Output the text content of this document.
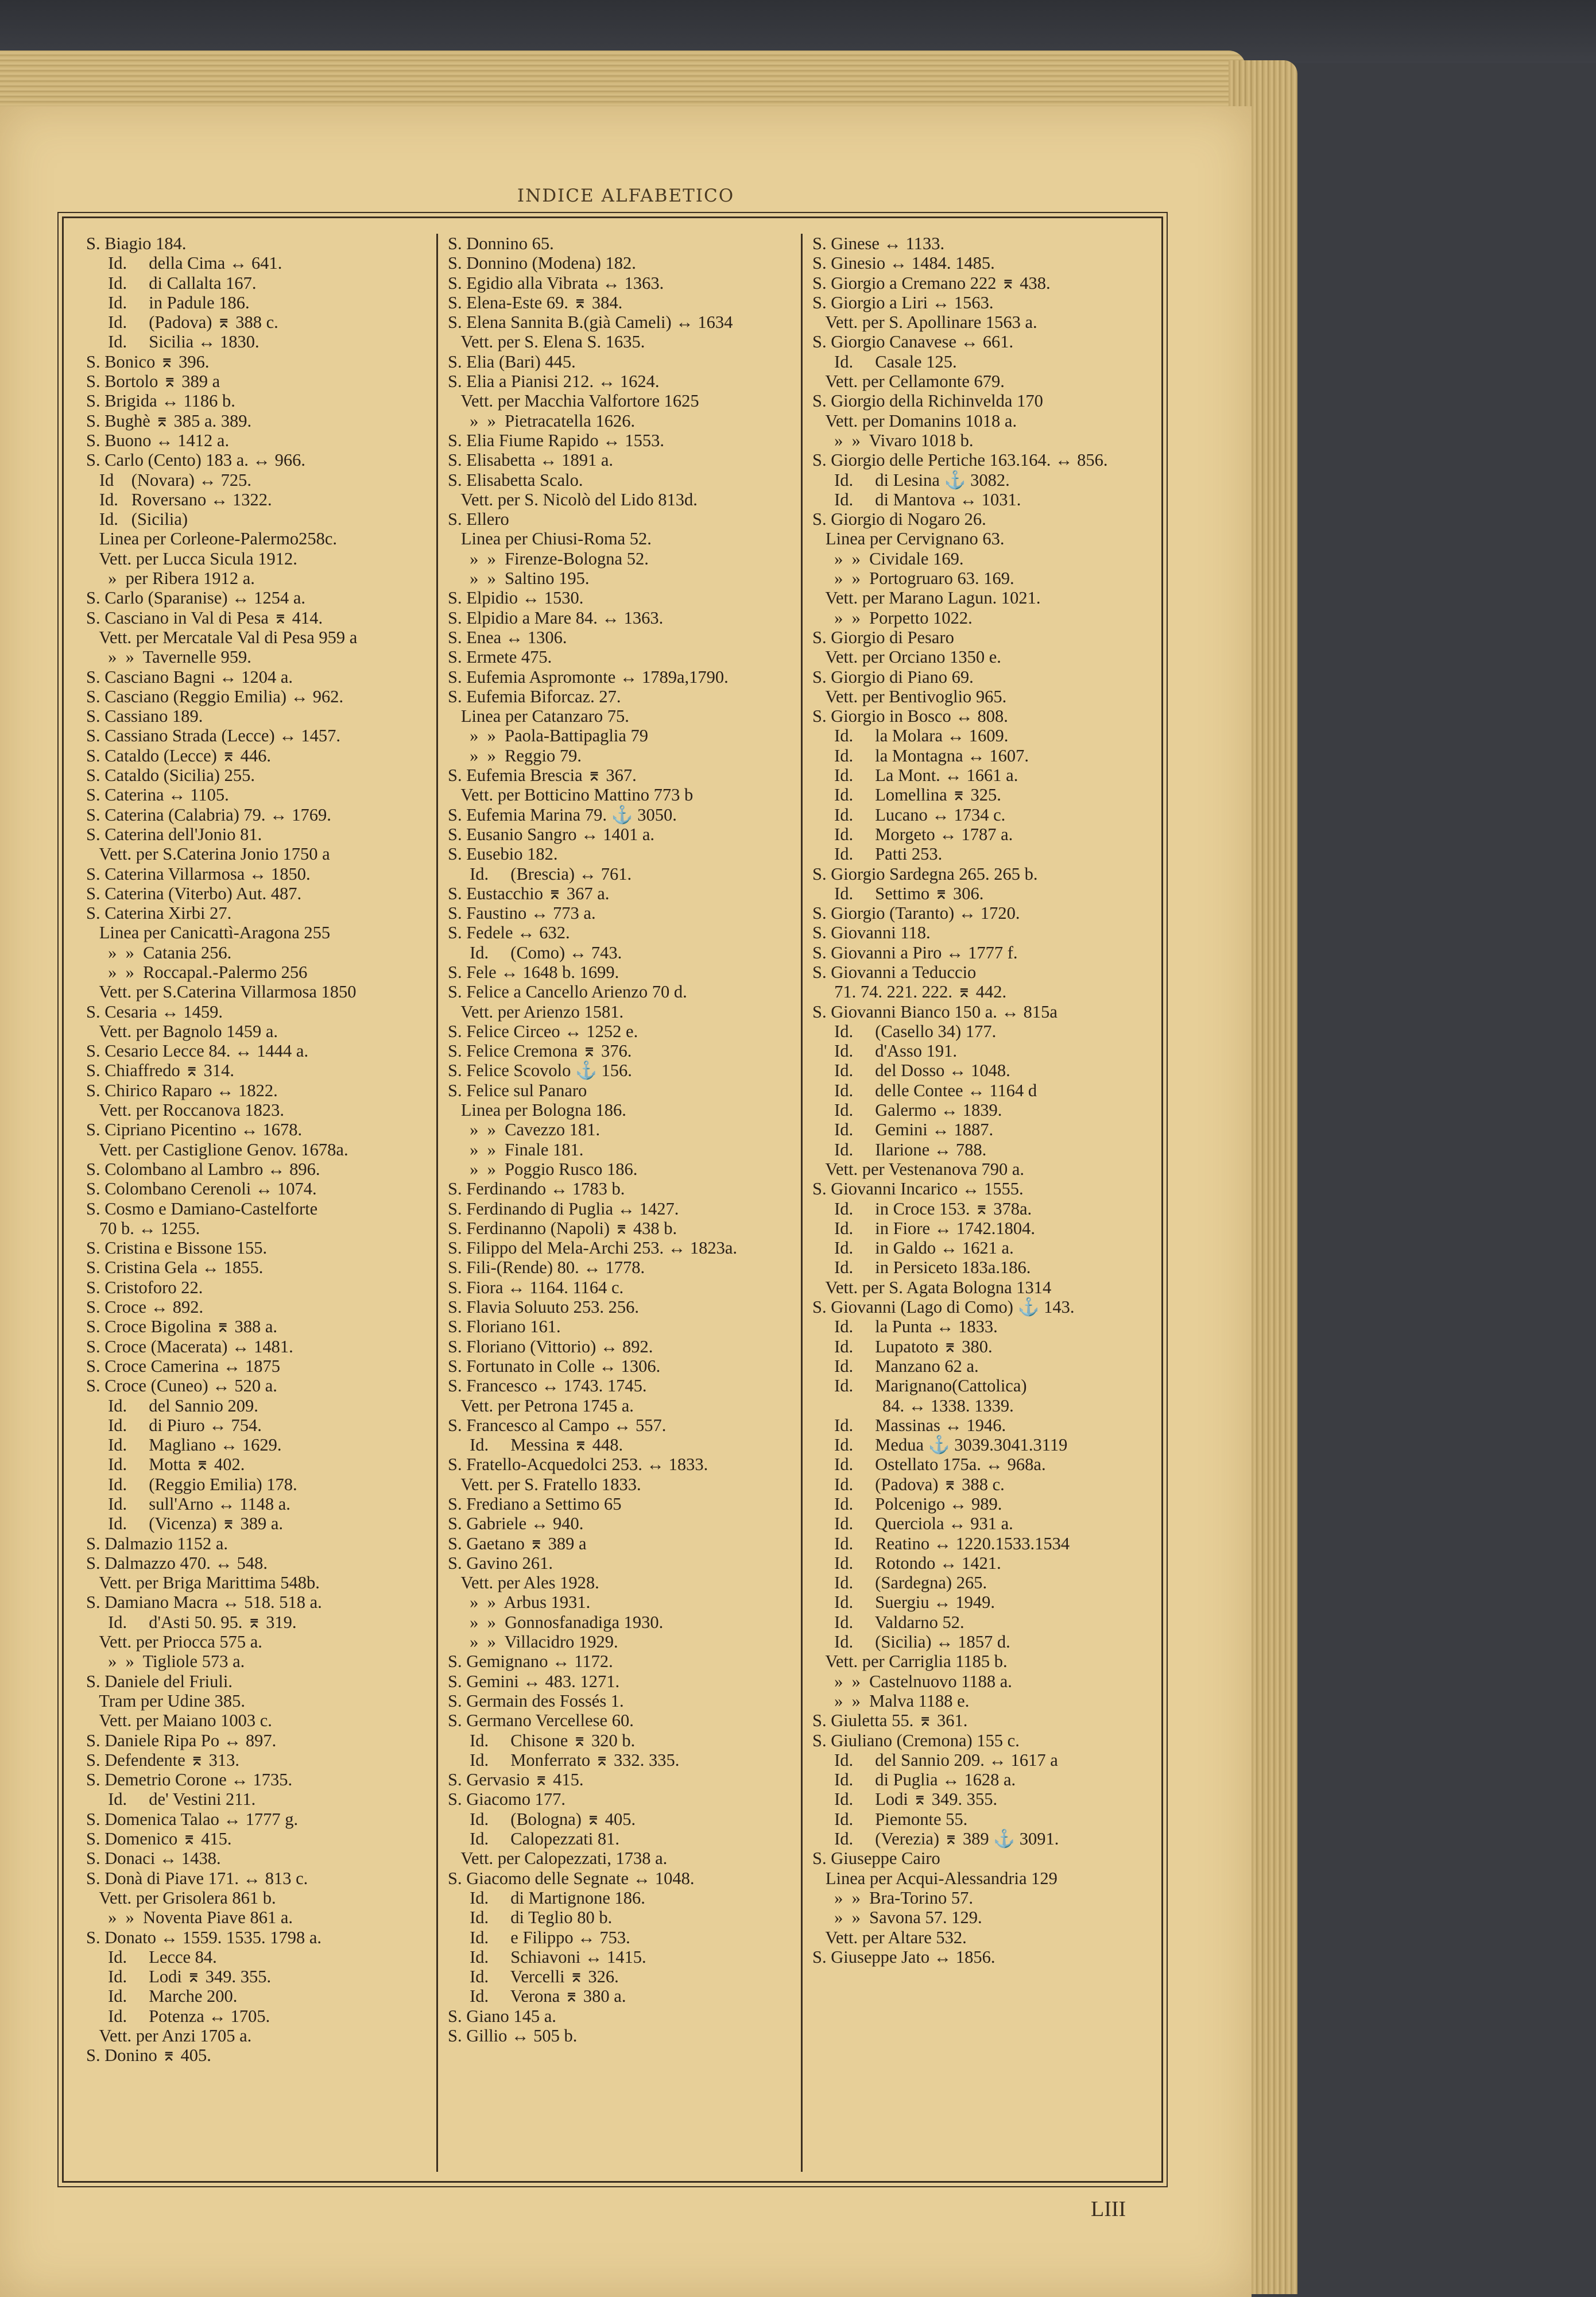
INDICE ALFABETICO
S. Biagio 184.
Id.     della Cima ↔ 641.
Id.     di Callalta 167.
Id.     in Padule 186.
Id.     (Padova) ⌆ 388 c.
Id.     Sicilia ↔ 1830.
S. Bonico ⌆ 396.
S. Bortolo ⌆ 389 a
S. Brigida ↔ 1186 b.
S. Bughè ⌆ 385 a. 389.
S. Buono ↔ 1412 a.
S. Carlo (Cento) 183 a. ↔ 966.
Id    (Novara) ↔ 725.
Id.   Roversano ↔ 1322.
Id.   (Sicilia)
Linea per Corleone-Palermo258c.
Vett. per Lucca Sicula 1912.
»  per Ribera 1912 a.
S. Carlo (Sparanise) ↔ 1254 a.
S. Casciano in Val di Pesa ⌆ 414.
Vett. per Mercatale Val di Pesa 959 a
»  »  Tavernelle 959.
S. Casciano Bagni ↔ 1204 a.
S. Casciano (Reggio Emilia) ↔ 962.
S. Cassiano 189.
S. Cassiano Strada (Lecce) ↔ 1457.
S. Cataldo (Lecce) ⌆ 446.
S. Cataldo (Sicilia) 255.
S. Caterina ↔ 1105.
S. Caterina (Calabria) 79. ↔ 1769.
S. Caterina dell'Jonio 81.
Vett. per S.Caterina Jonio 1750 a
S. Caterina Villarmosa ↔ 1850.
S. Caterina (Viterbo) Aut. 487.
S. Caterina Xirbi 27.
Linea per Canicattì-Aragona 255
»  »  Catania 256.
»  »  Roccapal.-Palermo 256
Vett. per S.Caterina Villarmosa 1850
S. Cesaria ↔ 1459.
Vett. per Bagnolo 1459 a.
S. Cesario Lecce 84. ↔ 1444 a.
S. Chiaffredo ⌆ 314.
S. Chirico Raparo ↔ 1822.
Vett. per Roccanova 1823.
S. Cipriano Picentino ↔ 1678.
Vett. per Castiglione Genov. 1678a.
S. Colombano al Lambro ↔ 896.
S. Colombano Cerenoli ↔ 1074.
S. Cosmo e Damiano-Castelforte
70 b. ↔ 1255.
S. Cristina e Bissone 155.
S. Cristina Gela ↔ 1855.
S. Cristoforo 22.
S. Croce ↔ 892.
S. Croce Bigolina ⌆ 388 a.
S. Croce (Macerata) ↔ 1481.
S. Croce Camerina ↔ 1875
S. Croce (Cuneo) ↔ 520 a.
Id.     del Sannio 209.
Id.     di Piuro ↔ 754.
Id.     Magliano ↔ 1629.
Id.     Motta ⌆ 402.
Id.     (Reggio Emilia) 178.
Id.     sull'Arno ↔ 1148 a.
Id.     (Vicenza) ⌆ 389 a.
S. Dalmazio 1152 a.
S. Dalmazzo 470. ↔ 548.
Vett. per Briga Marittima 548b.
S. Damiano Macra ↔ 518. 518 a.
Id.     d'Asti 50. 95. ⌆ 319.
Vett. per Priocca 575 a.
»  »  Tigliole 573 a.
S. Daniele del Friuli.
Tram per Udine 385.
Vett. per Maiano 1003 c.
S. Daniele Ripa Po ↔ 897.
S. Defendente ⌆ 313.
S. Demetrio Corone ↔ 1735.
Id.     de' Vestini 211.
S. Domenica Talao ↔ 1777 g.
S. Domenico ⌆ 415.
S. Donaci ↔ 1438.
S. Donà di Piave 171. ↔ 813 c.
Vett. per Grisolera 861 b.
»  »  Noventa Piave 861 a.
S. Donato ↔ 1559. 1535. 1798 a.
Id.     Lecce 84.
Id.     Lodi ⌆ 349. 355.
Id.     Marche 200.
Id.     Potenza ↔ 1705.
Vett. per Anzi 1705 a.
S. Donino ⌆ 405.
S. Donnino 65.
S. Donnino (Modena) 182.
S. Egidio alla Vibrata ↔ 1363.
S. Elena-Este 69. ⌆ 384.
S. Elena Sannita B.(già Cameli) ↔ 1634
Vett. per S. Elena S. 1635.
S. Elia (Bari) 445.
S. Elia a Pianisi 212. ↔ 1624.
Vett. per Macchia Valfortore 1625
»  »  Pietracatella 1626.
S. Elia Fiume Rapido ↔ 1553.
S. Elisabetta ↔ 1891 a.
S. Elisabetta Scalo.
Vett. per S. Nicolò del Lido 813d.
S. Ellero
Linea per Chiusi-Roma 52.
»  »  Firenze-Bologna 52.
»  »  Saltino 195.
S. Elpidio ↔ 1530.
S. Elpidio a Mare 84. ↔ 1363.
S. Enea ↔ 1306.
S. Ermete 475.
S. Eufemia Aspromonte ↔ 1789a,1790.
S. Eufemia Biforcaz. 27.
Linea per Catanzaro 75.
»  »  Paola-Battipaglia 79
»  »  Reggio 79.
S. Eufemia Brescia ⌆ 367.
Vett. per Botticino Mattino 773 b
S. Eufemia Marina 79. ⚓ 3050.
S. Eusanio Sangro ↔ 1401 a.
S. Eusebio 182.
Id.     (Brescia) ↔ 761.
S. Eustacchio ⌆ 367 a.
S. Faustino ↔ 773 a.
S. Fedele ↔ 632.
Id.     (Como) ↔ 743.
S. Fele ↔ 1648 b. 1699.
S. Felice a Cancello Arienzo 70 d.
Vett. per Arienzo 1581.
S. Felice Circeo ↔ 1252 e.
S. Felice Cremona ⌆ 376.
S. Felice Scovolo ⚓ 156.
S. Felice sul Panaro
Linea per Bologna 186.
»  »  Cavezzo 181.
»  »  Finale 181.
»  »  Poggio Rusco 186.
S. Ferdinando ↔ 1783 b.
S. Ferdinando di Puglia ↔ 1427.
S. Ferdinanno (Napoli) ⌆ 438 b.
S. Filippo del Mela-Archi 253. ↔ 1823a.
S. Fili-(Rende) 80. ↔ 1778.
S. Fiora ↔ 1164. 1164 c.
S. Flavia Soluuto 253. 256.
S. Floriano 161.
S. Floriano (Vittorio) ↔ 892.
S. Fortunato in Colle ↔ 1306.
S. Francesco ↔ 1743. 1745.
Vett. per Petrona 1745 a.
S. Francesco al Campo ↔ 557.
Id.     Messina ⌆ 448.
S. Fratello-Acquedolci 253. ↔ 1833.
Vett. per S. Fratello 1833.
S. Frediano a Settimo 65
S. Gabriele ↔ 940.
S. Gaetano ⌆ 389 a
S. Gavino 261.
Vett. per Ales 1928.
»  »  Arbus 1931.
»  »  Gonnosfanadiga 1930.
»  »  Villacidro 1929.
S. Gemignano ↔ 1172.
S. Gemini ↔ 483. 1271.
S. Germain des Fossés 1.
S. Germano Vercellese 60.
Id.     Chisone ⌆ 320 b.
Id.     Monferrato ⌆ 332. 335.
S. Gervasio ⌆ 415.
S. Giacomo 177.
Id.     (Bologna) ⌆ 405.
Id.     Calopezzati 81.
Vett. per Calopezzati, 1738 a.
S. Giacomo delle Segnate ↔ 1048.
Id.     di Martignone 186.
Id.     di Teglio 80 b.
Id.     e Filippo ↔ 753.
Id.     Schiavoni ↔ 1415.
Id.     Vercelli ⌆ 326.
Id.     Verona ⌆ 380 a.
S. Giano 145 a.
S. Gillio ↔ 505 b.
S. Ginese ↔ 1133.
S. Ginesio ↔ 1484. 1485.
S. Giorgio a Cremano 222 ⌆ 438.
S. Giorgio a Liri ↔ 1563.
Vett. per S. Apollinare 1563 a.
S. Giorgio Canavese ↔ 661.
Id.     Casale 125.
Vett. per Cellamonte 679.
S. Giorgio della Richinvelda 170
Vett. per Domanins 1018 a.
»  »  Vivaro 1018 b.
S. Giorgio delle Pertiche 163.164. ↔ 856.
Id.     di Lesina ⚓ 3082.
Id.     di Mantova ↔ 1031.
S. Giorgio di Nogaro 26.
Linea per Cervignano 63.
»  »  Cividale 169.
»  »  Portogruaro 63. 169.
Vett. per Marano Lagun. 1021.
»  »  Porpetto 1022.
S. Giorgio di Pesaro
Vett. per Orciano 1350 e.
S. Giorgio di Piano 69.
Vett. per Bentivoglio 965.
S. Giorgio in Bosco ↔ 808.
Id.     la Molara ↔ 1609.
Id.     la Montagna ↔ 1607.
Id.     La Mont. ↔ 1661 a.
Id.     Lomellina ⌆ 325.
Id.     Lucano ↔ 1734 c.
Id.     Morgeto ↔ 1787 a.
Id.     Patti 253.
S. Giorgio Sardegna 265. 265 b.
Id.     Settimo ⌆ 306.
S. Giorgio (Taranto) ↔ 1720.
S. Giovanni 118.
S. Giovanni a Piro ↔ 1777 f.
S. Giovanni a Teduccio
71. 74. 221. 222. ⌆ 442.
S. Giovanni Bianco 150 a. ↔ 815a
Id.     (Casello 34) 177.
Id.     d'Asso 191.
Id.     del Dosso ↔ 1048.
Id.     delle Contee ↔ 1164 d
Id.     Galermo ↔ 1839.
Id.     Gemini ↔ 1887.
Id.     Ilarione ↔ 788.
Vett. per Vestenanova 790 a.
S. Giovanni Incarico ↔ 1555.
Id.     in Croce 153. ⌆ 378a.
Id.     in Fiore ↔ 1742.1804.
Id.     in Galdo ↔ 1621 a.
Id.     in Persiceto 183a.186.
Vett. per S. Agata Bologna 1314
S. Giovanni (Lago di Como) ⚓ 143.
Id.     la Punta ↔ 1833.
Id.     Lupatoto ⌆ 380.
Id.     Manzano 62 a.
Id.     Marignano(Cattolica)
84. ↔ 1338. 1339.
Id.     Massinas ↔ 1946.
Id.     Medua ⚓ 3039.3041.3119
Id.     Ostellato 175a. ↔ 968a.
Id.     (Padova) ⌆ 388 c.
Id.     Polcenigo ↔ 989.
Id.     Querciola ↔ 931 a.
Id.     Reatino ↔ 1220.1533.1534
Id.     Rotondo ↔ 1421.
Id.     (Sardegna) 265.
Id.     Suergiu ↔ 1949.
Id.     Valdarno 52.
Id.     (Sicilia) ↔ 1857 d.
Vett. per Carriglia 1185 b.
»  »  Castelnuovo 1188 a.
»  »  Malva 1188 e.
S. Giuletta 55. ⌆ 361.
S. Giuliano (Cremona) 155 c.
Id.     del Sannio 209. ↔ 1617 a
Id.     di Puglia ↔ 1628 a.
Id.     Lodi ⌆ 349. 355.
Id.     Piemonte 55.
Id.     (Verezia) ⌆ 389 ⚓ 3091.
S. Giuseppe Cairo
Linea per Acqui-Alessandria 129
»  »  Bra-Torino 57.
»  »  Savona 57. 129.
Vett. per Altare 532.
S. Giuseppe Jato ↔ 1856.
LIII
